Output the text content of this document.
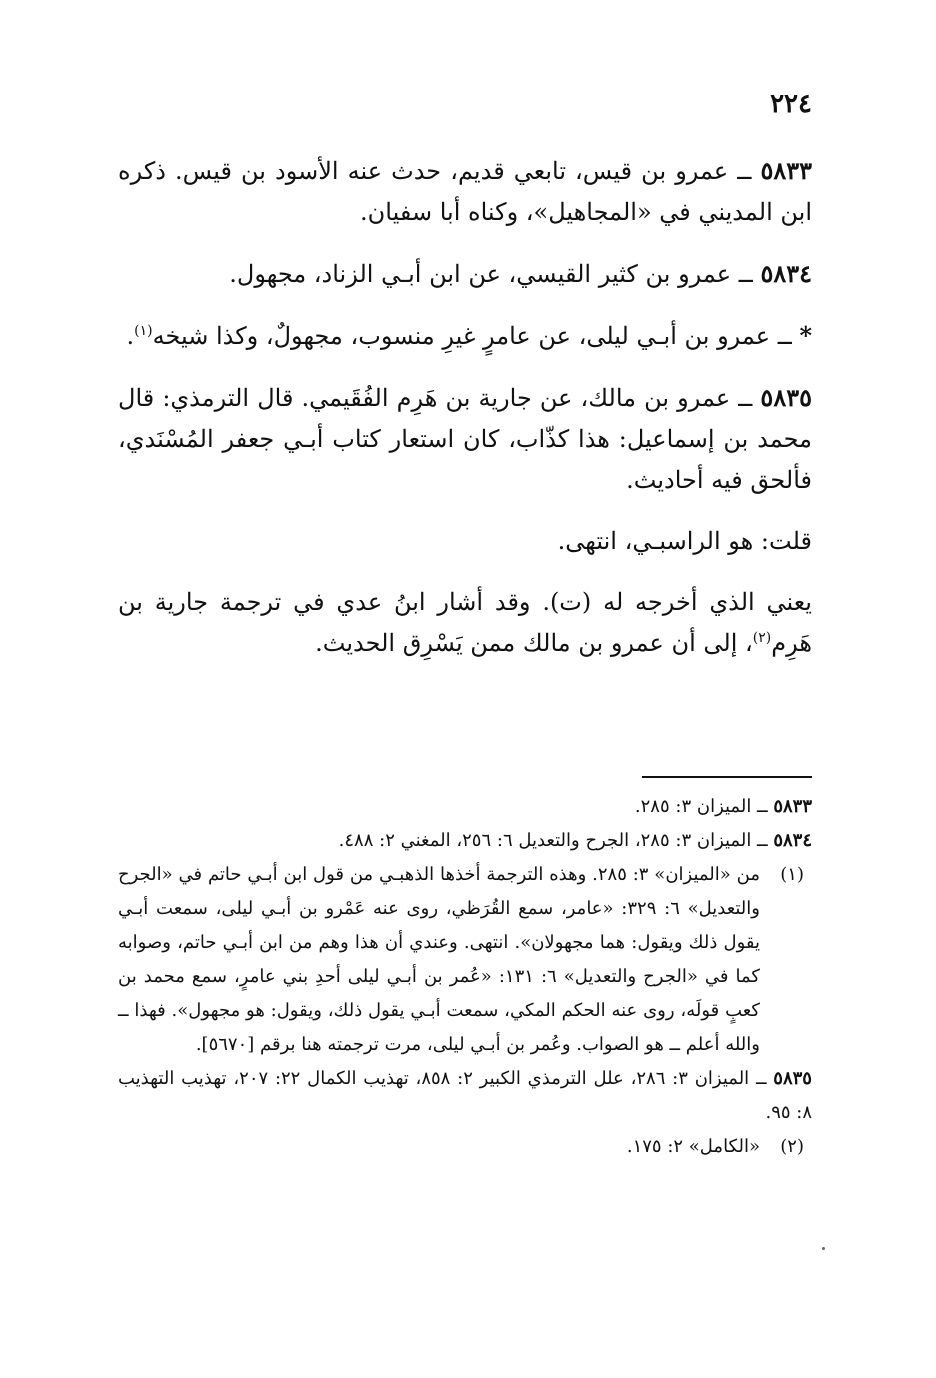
٢٢٤

٥٨٣٣ ــ عمرو بن قيس، تابعي قديم، حدث عنه الأسود بن قيس. ذكره ابن المديني في «المجاهيل»، وكناه أبا سفيان.

٥٨٣٤ ــ عمرو بن كثير القيسي، عن ابن أبـي الزناد، مجهول.

* ــ عمرو بن أبـي ليلى، عن عامرٍ غيرِ منسوب، مجهولٌ، وكذا شيخه$^{(١)}$.

٥٨٣٥ ــ عمرو بن مالك، عن جارية بن هَرِم الفُقَيمي. قال الترمذي: قال محمد بن إسماعيل: هذا كذّاب، كان استعار كتاب أبـي جعفر المُسْنَدي، فألحق فيه أحاديث.

قلت: هو الراسبـي، انتهى.

يعني الذي أخرجه له (ت). وقد أشار ابنُ عدي في ترجمة جارية بن هَرِم$^{(٢)}$، إلى أن عمرو بن مالك ممن يَسْرِق الحديث.

٥٨٣٣ ــ الميزان ٣: ٢٨٥.

٥٨٣٤ ــ الميزان ٣: ٢٨٥، الجرح والتعديل ٦: ٢٥٦، المغني ٢: ٤٨٨.

(١)
من «الميزان» ٣: ٢٨٥. وهذه الترجمة أخذها الذهبـي من قول ابن أبـي حاتم في «الجرح والتعديل» ٦: ٣٢٩: «عامر، سمع القُرَظي، روى عنه عَمْرو بن أبـي ليلى، سمعت أبـي يقول ذلك ويقول: هما مجهولان». انتهى. وعندي أن هذا وهم من ابن أبـي حاتم، وصوابه كما في «الجرح والتعديل» ٦: ١٣١: «عُمر بن أبـي ليلى أحدِ بني عامرٍ، سمع محمد بن كعبٍ قولَه، روى عنه الحكم المكي، سمعت أبـي يقول ذلك، ويقول: هو مجهول». فهذا ــ والله أعلم ــ هو الصواب. وعُمر بن أبـي ليلى، مرت ترجمته هنا برقم [٥٦٧٠].

٥٨٣٥ ــ الميزان ٣: ٢٨٦، علل الترمذي الكبير ٢: ٨٥٨، تهذيب الكمال ٢٢: ٢٠٧، تهذيب التهذيب ٨: ٩٥.

(٢)
«الكامل» ٢: ١٧٥.
